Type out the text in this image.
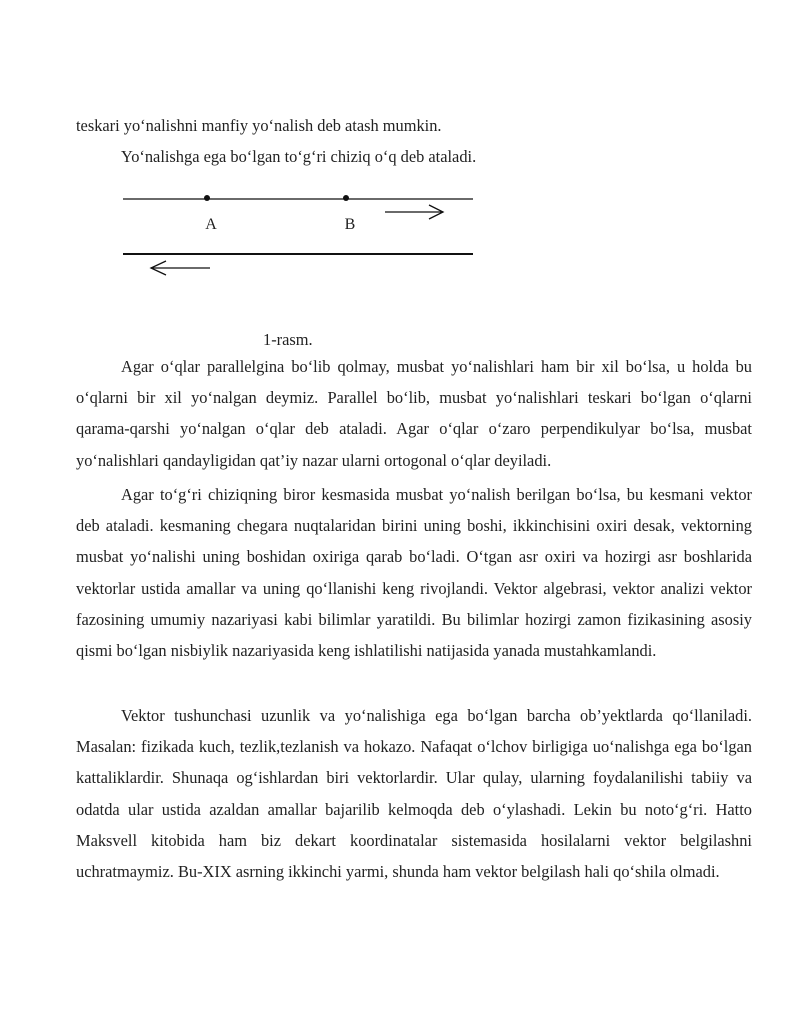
teskari yo‘nalishni manfiy yo‘nalish deb atash mumkin.
Yo‘nalishga ega bo‘lgan to‘g‘ri chiziq o‘q deb ataladi.
A	B
1-rasm.

Agar o‘qlar parallelgina bo‘lib qolmay, musbat yo‘nalishlari ham bir xil bo‘lsa, u holda bu o‘qlarni bir xil yo‘nalgan deymiz. Parallel bo‘lib, musbat yo‘nalishlari teskari bo‘lgan o‘qlarni qarama-qarshi yo‘nalgan o‘qlar deb ataladi. Agar o‘qlar o‘zaro perpendikulyar bo‘lsa, musbat yo‘nalishlari qandayligidan qat’iy nazar ularni ortogonal o‘qlar deyiladi.

Agar to‘g‘ri chiziqning biror kesmasida musbat yo‘nalish berilgan bo‘lsa, bu kesmani vektor deb ataladi. kesmaning chegara nuqtalaridan birini uning boshi, ikkinchisini oxiri desak, vektorning musbat yo‘nalishi uning boshidan oxiriga qarab bo‘ladi. O‘tgan asr oxiri va hozirgi asr boshlarida vektorlar ustida amallar va uning qo‘llanishi keng rivojlandi. Vektor algebrasi, vektor analizi vektor fazosining umumiy nazariyasi kabi bilimlar yaratildi. Bu bilimlar hozirgi zamon fizikasining asosiy qismi bo‘lgan nisbiylik nazariyasida keng ishlatilishi natijasida yanada mustahkamlandi.

Vektor tushunchasi uzunlik va yo‘nalishiga ega bo‘lgan barcha ob’yektlarda qo‘llaniladi. Masalan: fizikada kuch, tezlik,tezlanish va hokazo. Nafaqat o‘lchov birligiga uo‘nalishga ega bo‘lgan kattaliklardir. Shunaqa og‘ishlardan biri vektorlardir. Ular qulay, ularning foydalanilishi tabiiy va odatda ular ustida azaldan amallar bajarilib kelmoqda deb o‘ylashadi. Lekin bu noto‘g‘ri. Hatto Maksvell kitobida ham biz dekart koordinatalar sistemasida hosilalarni vektor belgilashni uchratmaymiz. Bu-XIX asrning ikkinchi yarmi, shunda ham vektor belgilash hali qo‘shila olmadi.
